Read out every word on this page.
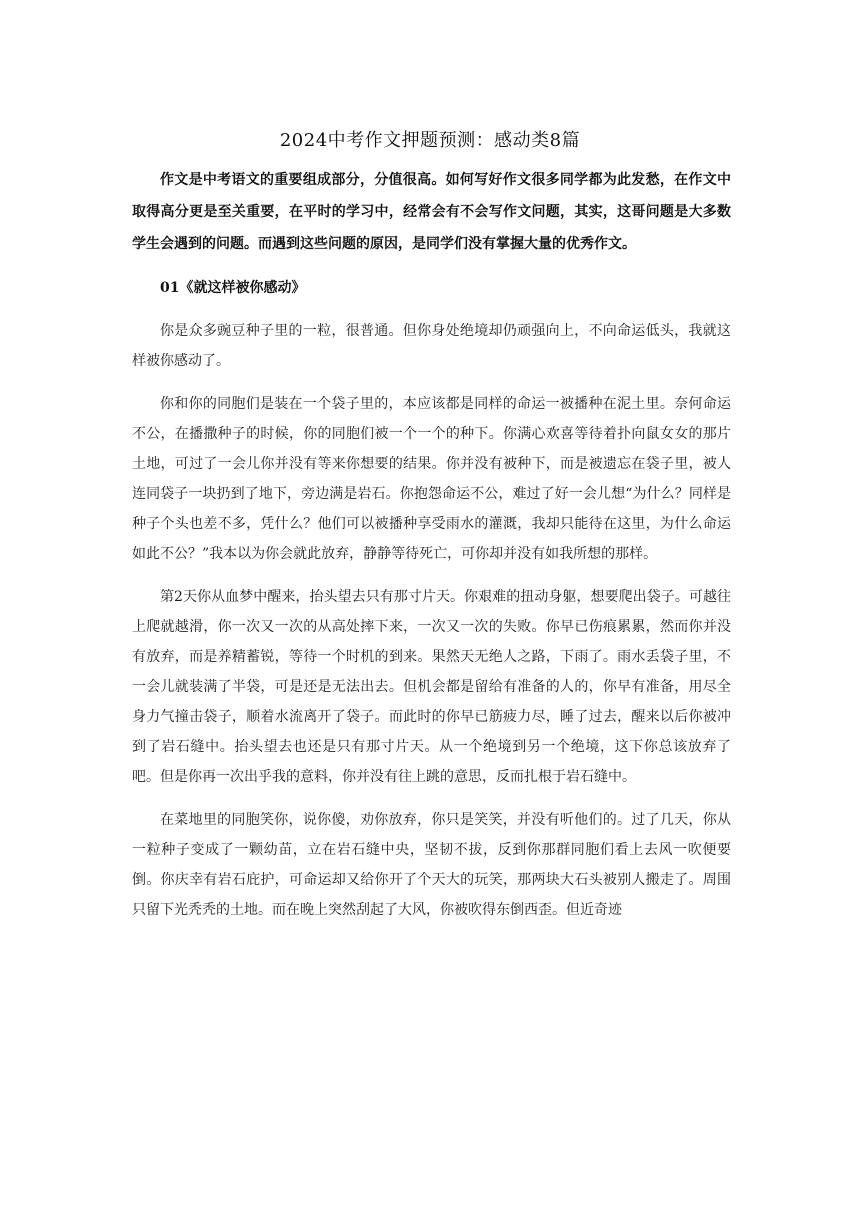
2024中考作文押题预测：感动类8篇

作文是中考语文的重要组成部分，分值很高。如何写好作文很多同学都为此发愁，在作文中取得高分更是至关重要，在平时的学习中，经常会有不会写作文问题，其实，这哥问题是大多数学生会遇到的问题。而遇到这些问题的原因，是同学们没有掌握大量的优秀作文。

01《就这样被你感动》

你是众多豌豆种子里的一粒，很普通。但你身处绝境却仍顽强向上，不向命运低头，我就这样被你感动了。

你和你的同胞们是装在一个袋子里的，本应该都是同样的命运一被播种在泥土里。奈何命运不公，在播撒种子的时候，你的同胞们被一个一个的种下。你满心欢喜等待着扑向鼠女女的那片土地，可过了一会儿你并没有等来你想要的结果。你并没有被种下，而是被遗忘在袋子里，被人连同袋子一块扔到了地下，旁边满是岩石。你抱怨命运不公，难过了好一会儿想“为什么？同样是种子个头也差不多，凭什么？他们可以被播种享受雨水的灌溉，我却只能待在这里，为什么命运如此不公？”我本以为你会就此放弃，静静等待死亡，可你却并没有如我所想的那样。

第2天你从血梦中醒来，抬头望去只有那寸片天。你艰难的扭动身躯，想要爬出袋子。可越往上爬就越滑，你一次又一次的从高处摔下来，一次又一次的失败。你早已伤痕累累，然而你并没有放弃，而是养精蓄锐，等待一个时机的到来。果然天无绝人之路，下雨了。雨水丢袋子里，不一会儿就装满了半袋，可是还是无法出去。但机会都是留给有准备的人的，你早有准备，用尽全身力气撞击袋子，顺着水流离开了袋子。而此时的你早已筋疲力尽，睡了过去，醒来以后你被冲到了岩石缝中。抬头望去也还是只有那寸片天。从一个绝境到另一个绝境，这下你总该放弃了吧。但是你再一次出乎我的意料，你并没有往上跳的意思，反而扎根于岩石缝中。

在菜地里的同胞笑你，说你傻，劝你放弃，你只是笑笑，并没有听他们的。过了几天，你从一粒种子变成了一颗幼苗，立在岩石缝中央，坚韧不拔，反到你那群同胞们看上去风一吹便要倒。你庆幸有岩石庇护，可命运却又给你开了个天大的玩笑，那两块大石头被别人搬走了。周围只留下光秃秃的土地。而在晚上突然刮起了大风，你被吹得东倒西歪。但近奇迹
